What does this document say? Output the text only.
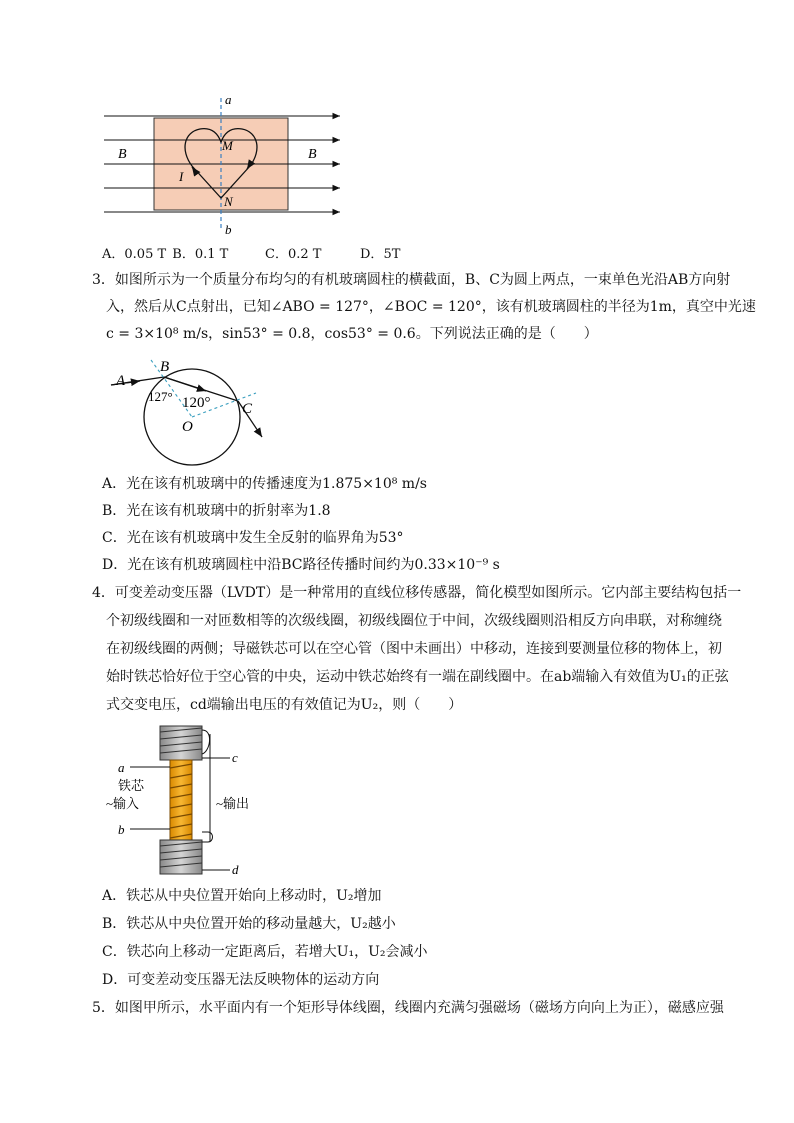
a
b
B	B
M
N
I
A．0.05 T B．0.1 T	C．0.2 T	D．5T
3．如图所示为一个质量分布均匀的有机玻璃圆柱的横截面，B、C为圆上两点，一束单色光沿AB方向射
入，然后从C点射出，已知∠ABO = 127°，∠BOC = 120°，该有机玻璃圆柱的半径为1m，真空中光速
c = 3×10⁸ m/s，sin53° = 0.8，cos53° = 0.6。下列说法正确的是（　　）
A
B
C
O
127° 120°
A．光在该有机玻璃中的传播速度为1.875×10⁸ m/s
B．光在该有机玻璃中的折射率为1.8
C．光在该有机玻璃中发生全反射的临界角为53°
D．光在该有机玻璃圆柱中沿BC路径传播时间约为0.33×10⁻⁹ s
4．可变差动变压器（LVDT）是一种常用的直线位移传感器，简化模型如图所示。它内部主要结构包括一
个初级线圈和一对匝数相等的次级线圈，初级线圈位于中间，次级线圈则沿相反方向串联，对称缠绕
在初级线圈的两侧；导磁铁芯可以在空心管（图中未画出）中移动，连接到要测量位移的物体上，初
始时铁芯恰好位于空心管的中央，运动中铁芯始终有一端在副线圈中。在ab端输入有效值为U₁的正弦
式交变电压，cd端输出电压的有效值记为U₂，则（　　）
a
b
c
d
铁芯
~输入	~输出
A．铁芯从中央位置开始向上移动时，U₂增加
B．铁芯从中央位置开始的移动量越大，U₂越小
C．铁芯向上移动一定距离后，若增大U₁，U₂会减小
D．可变差动变压器无法反映物体的运动方向
5．如图甲所示，水平面内有一个矩形导体线圈，线圈内充满匀强磁场（磁场方向向上为正），磁感应强
